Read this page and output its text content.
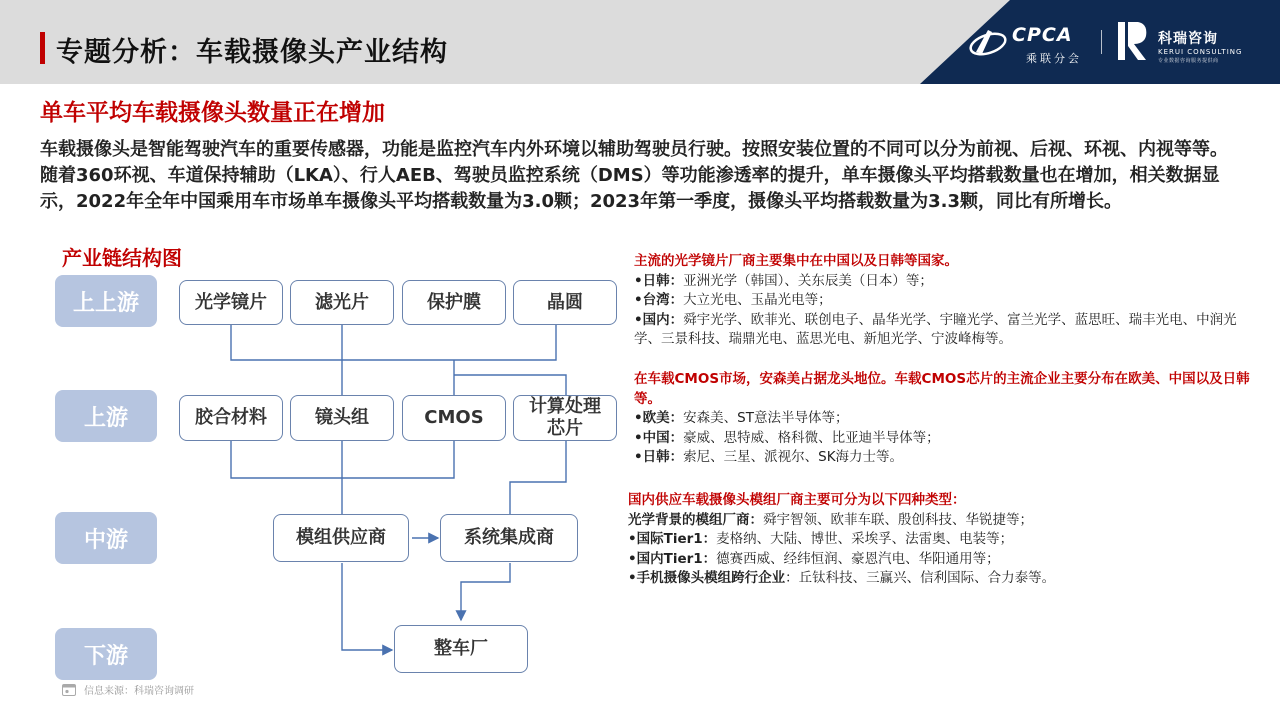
专题分析：车载摄像头产业结构
CPCA
乘联分会
科瑞咨询
KERUI CONSULTING
专业数据咨询服务提供商
单车平均车载摄像头数量正在增加
车载摄像头是智能驾驶汽车的重要传感器，功能是监控汽车内外环境以辅助驾驶员行驶。按照安装位置的不同可以分为前视、后视、环视、内视等等。随着360环视、车道保持辅助（LKA）、行人AEB、驾驶员监控系统（DMS）等功能渗透率的提升，单车摄像头平均搭载数量也在增加，相关数据显示，2022年全年中国乘用车市场单车摄像头平均搭载数量为3.0颗；2023年第一季度，摄像头平均搭载数量为3.3颗，同比有所增长。
产业链结构图
上上游
上游
中游
下游
光学镜片	滤光片	保护膜	晶圆
胶合材料	镜头组	CMOS
计算处理芯片
模组供应商	系统集成商
整车厂
主流的光学镜片厂商主要集中在中国以及日韩等国家。
•日韩：亚洲光学（韩国）、关东辰美（日本）等；
•台湾：大立光电、玉晶光电等；
•国内：舜宇光学、欧菲光、联创电子、晶华光学、宇瞳光学、富兰光学、蓝思旺、瑞丰光电、中润光学、三景科技、瑞鼎光电、蓝思光电、新旭光学、宁波峰梅等。
在车载CMOS市场，安森美占据龙头地位。车载CMOS芯片的主流企业主要分布在欧美、中国以及日韩等。
•欧美：安森美、ST意法半导体等；
•中国：豪威、思特威、格科微、比亚迪半导体等；
•日韩：索尼、三星、派视尔、SK海力士等。
国内供应车载摄像头模组厂商主要可分为以下四种类型：
光学背景的模组厂商：舜宇智领、欧菲车联、殷创科技、华锐捷等；
•国际Tier1：麦格纳、大陆、博世、采埃孚、法雷奥、电装等；
•国内Tier1：德赛西威、经纬恒润、豪恩汽电、华阳通用等；
•手机摄像头模组跨行企业：丘钛科技、三赢兴、信利国际、合力泰等。
信息来源：科瑞咨询调研
